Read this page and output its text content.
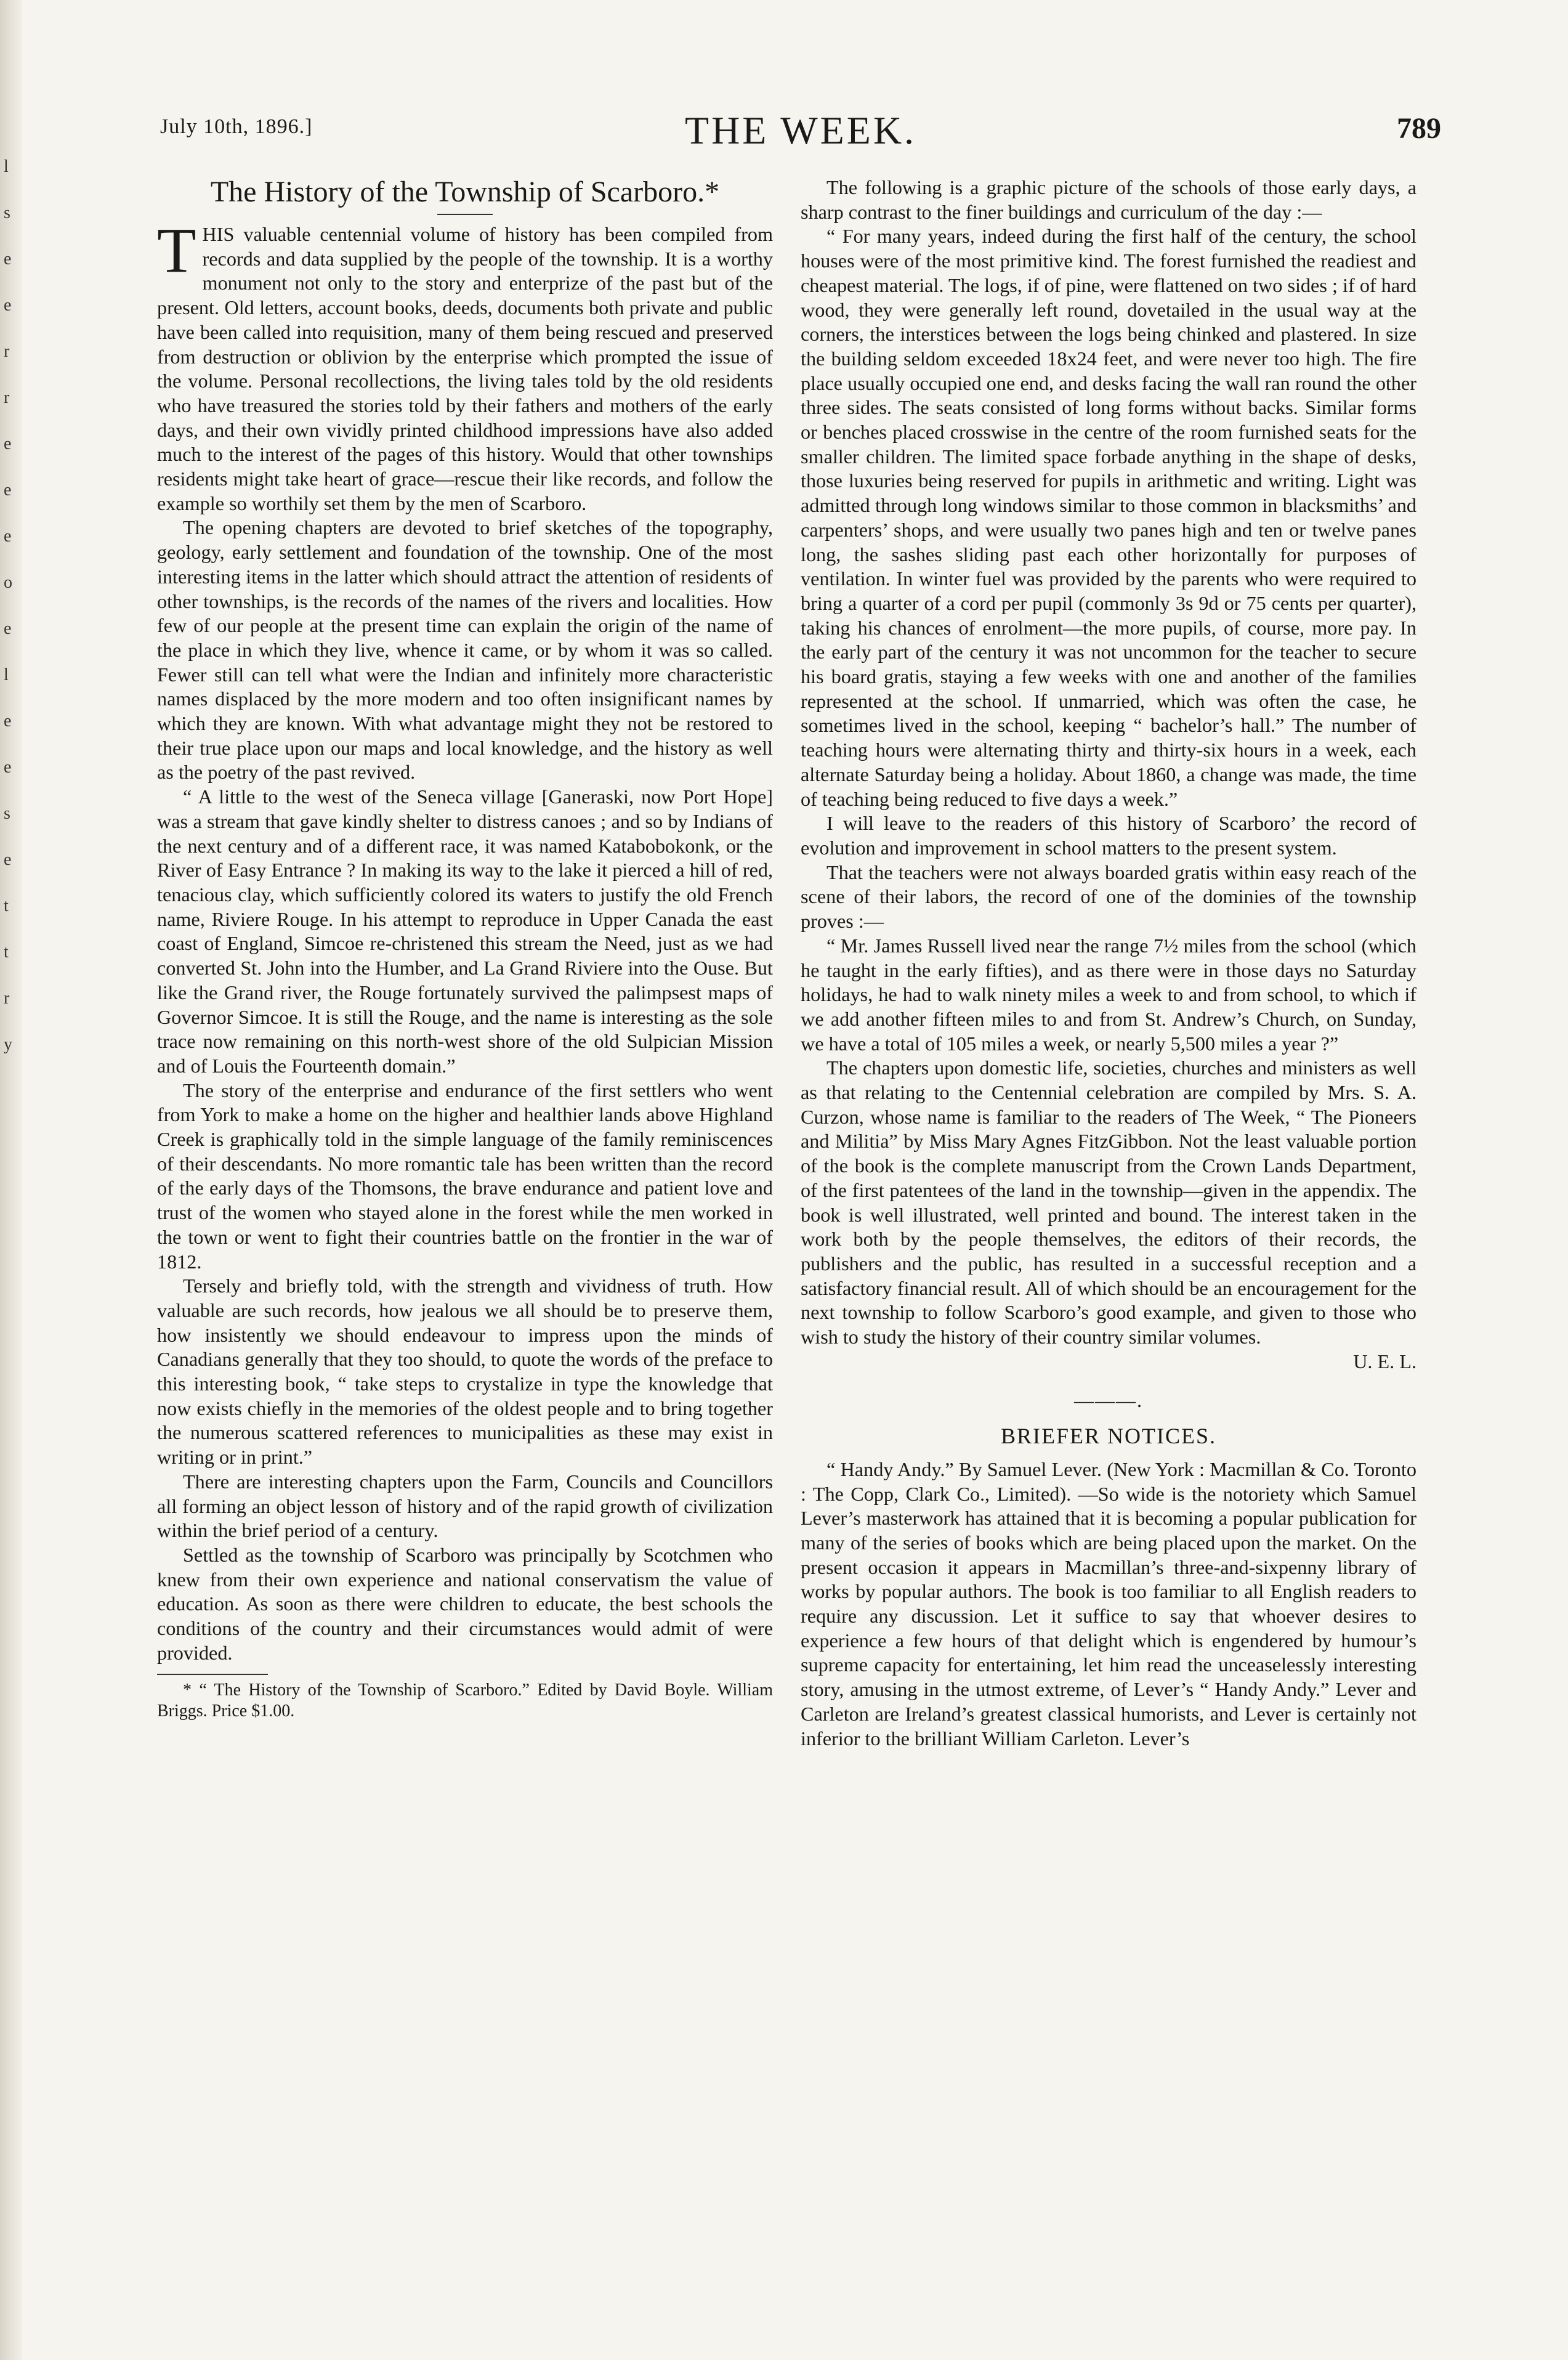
l
s
e
e
r
r
e
e
e
o
e
l
e
e
s
e
t
t
r
y
July 10th, 1896.]	THE WEEK.	789
The History of the Township of Scarboro.*

THIS valuable centennial volume of history has been compiled from records and data supplied by the people of the township. It is a worthy monument not only to the story and enterprize of the past but of the present. Old letters, account books, deeds, documents both private and public have been called into requisition, many of them being rescued and preserved from destruction or oblivion by the enterprise which prompted the issue of the volume. Personal recollections, the living tales told by the old residents who have treasured the stories told by their fathers and mothers of the early days, and their own vividly printed childhood impressions have also added much to the interest of the pages of this history. Would that other townships residents might take heart of grace—rescue their like records, and follow the example so worthily set them by the men of Scarboro.

The opening chapters are devoted to brief sketches of the topography, geology, early settlement and foundation of the township. One of the most interesting items in the latter which should attract the attention of residents of other townships, is the records of the names of the rivers and localities. How few of our people at the present time can explain the origin of the name of the place in which they live, whence it came, or by whom it was so called. Fewer still can tell what were the Indian and infinitely more characteristic names displaced by the more modern and too often insignificant names by which they are known. With what advantage might they not be restored to their true place upon our maps and local knowledge, and the history as well as the poetry of the past revived.

“ A little to the west of the Seneca village [Ganeraski, now Port Hope] was a stream that gave kindly shelter to distress canoes ; and so by Indians of the next century and of a different race, it was named Katabobokonk, or the River of Easy Entrance ? In making its way to the lake it pierced a hill of red, tenacious clay, which sufficiently colored its waters to justify the old French name, Riviere Rouge. In his attempt to reproduce in Upper Canada the east coast of England, Simcoe re-christened this stream the Need, just as we had converted St. John into the Humber, and La Grand Riviere into the Ouse. But like the Grand river, the Rouge fortunately survived the palimpsest maps of Governor Simcoe. It is still the Rouge, and the name is interesting as the sole trace now remaining on this north-west shore of the old Sulpician Mission and of Louis the Fourteenth domain.”

The story of the enterprise and endurance of the first settlers who went from York to make a home on the higher and healthier lands above Highland Creek is graphically told in the simple language of the family reminiscences of their descendants. No more romantic tale has been written than the record of the early days of the Thomsons, the brave endurance and patient love and trust of the women who stayed alone in the forest while the men worked in the town or went to fight their countries battle on the frontier in the war of 1812.

Tersely and briefly told, with the strength and vividness of truth. How valuable are such records, how jealous we all should be to preserve them, how insistently we should endeavour to impress upon the minds of Canadians generally that they too should, to quote the words of the preface to this interesting book, “ take steps to crystalize in type the knowledge that now exists chiefly in the memories of the oldest people and to bring together the numerous scattered references to municipalities as these may exist in writing or in print.”

There are interesting chapters upon the Farm, Councils and Councillors all forming an object lesson of history and of the rapid growth of civilization within the brief period of a century.

Settled as the township of Scarboro was principally by Scotchmen who knew from their own experience and national conservatism the value of education. As soon as there were children to educate, the best schools the conditions of the country and their circumstances would admit of were provided.

* “ The History of the Township of Scarboro.” Edited by David Boyle. William Briggs. Price $1.00.

The following is a graphic picture of the schools of those early days, a sharp contrast to the finer buildings and curriculum of the day :—

“ For many years, indeed during the first half of the century, the school houses were of the most primitive kind. The forest furnished the readiest and cheapest material. The logs, if of pine, were flattened on two sides ; if of hard wood, they were generally left round, dovetailed in the usual way at the corners, the interstices between the logs being chinked and plastered. In size the building seldom exceeded 18x24 feet, and were never too high. The fire place usually occupied one end, and desks facing the wall ran round the other three sides. The seats consisted of long forms without backs. Similar forms or benches placed crosswise in the centre of the room furnished seats for the smaller children. The limited space forbade anything in the shape of desks, those luxuries being reserved for pupils in arithmetic and writing. Light was admitted through long windows similar to those common in blacksmiths’ and carpenters’ shops, and were usually two panes high and ten or twelve panes long, the sashes sliding past each other horizontally for purposes of ventilation. In winter fuel was provided by the parents who were required to bring a quarter of a cord per pupil (commonly 3s 9d or 75 cents per quarter), taking his chances of enrolment—the more pupils, of course, more pay. In the early part of the century it was not uncommon for the teacher to secure his board gratis, staying a few weeks with one and another of the families represented at the school. If unmarried, which was often the case, he sometimes lived in the school, keeping “ bachelor’s hall.” The number of teaching hours were alternating thirty and thirty-six hours in a week, each alternate Saturday being a holiday. About 1860, a change was made, the time of teaching being reduced to five days a week.”

I will leave to the readers of this history of Scarboro’ the record of evolution and improvement in school matters to the present system.

That the teachers were not always boarded gratis within easy reach of the scene of their labors, the record of one of the dominies of the township proves :—

“ Mr. James Russell lived near the range 7½ miles from the school (which he taught in the early fifties), and as there were in those days no Saturday holidays, he had to walk ninety miles a week to and from school, to which if we add another fifteen miles to and from St. Andrew’s Church, on Sunday, we have a total of 105 miles a week, or nearly 5,500 miles a year ?”

The chapters upon domestic life, societies, churches and ministers as well as that relating to the Centennial celebration are compiled by Mrs. S. A. Curzon, whose name is familiar to the readers of The Week, “ The Pioneers and Militia” by Miss Mary Agnes FitzGibbon. Not the least valuable portion of the book is the complete manuscript from the Crown Lands Department, of the first patentees of the land in the township—given in the appendix. The book is well illustrated, well printed and bound. The interest taken in the work both by the people themselves, the editors of their records, the publishers and the public, has resulted in a successful reception and a satisfactory financial result. All of which should be an encouragement for the next township to follow Scarboro’s good example, and given to those who wish to study the history of their country similar volumes.

U. E. L.
———.
BRIEFER NOTICES.

“ Handy Andy.” By Samuel Lever. (New York : Macmillan & Co. Toronto : The Copp, Clark Co., Limited). —So wide is the notoriety which Samuel Lever’s masterwork has attained that it is becoming a popular publication for many of the series of books which are being placed upon the market. On the present occasion it appears in Macmillan’s three-and-sixpenny library of works by popular authors. The book is too familiar to all English readers to require any discussion. Let it suffice to say that whoever desires to experience a few hours of that delight which is engendered by humour’s supreme capacity for entertaining, let him read the unceaselessly interesting story, amusing in the utmost extreme, of Lever’s “ Handy Andy.” Lever and Carleton are Ireland’s greatest classical humorists, and Lever is certainly not inferior to the brilliant William Carleton. Lever’s
